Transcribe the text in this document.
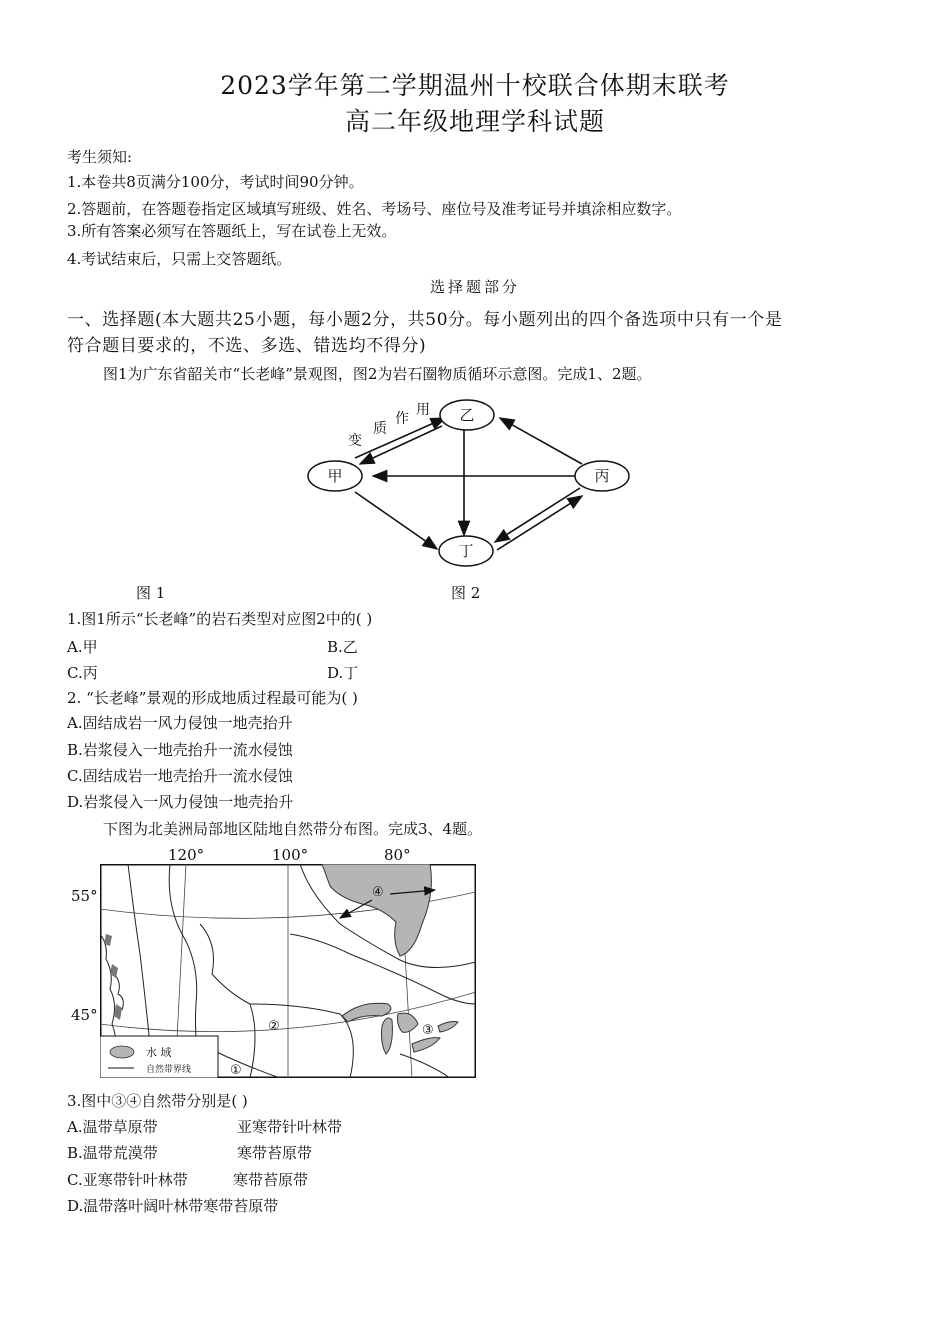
2023学年第二学期温州十校联合体期末联考
高二年级地理学科试题
考生须知:
1.本卷共8页满分100分，考试时间90分钟。
2.答题前，在答题卷指定区域填写班级、姓名、考场号、座位号及准考证号并填涂相应数字。
3.所有答案必须写在答题纸上，写在试卷上无效。
4.考试结束后，只需上交答题纸。
选择题部分
一、选择题(本大题共25小题，每小题2分，共50分。每小题列出的四个备选项中只有一个是
符合题目要求的，不选、多选、错选均不得分)
图1为广东省韶关市“长老峰”景观图，图2为岩石圈物质循环示意图。完成1、2题。
甲
乙
丙
丁
变
质
作
用
图 1	图 2
1.图1所示“长老峰”的岩石类型对应图2中的( )
A.甲	B.乙
C.丙	D.丁
2. “长老峰”景观的形成地质过程最可能为( )
A.固结成岩一风力侵蚀一地壳抬升
B.岩浆侵入一地壳抬升一流水侵蚀
C.固结成岩一地壳抬升一流水侵蚀
D.岩浆侵入一风力侵蚀一地壳抬升
下图为北美洲局部地区陆地自然带分布图。完成3、4题。
120°	100°	80°
55°
45°
④
③
②
①
水 域
自然带界线
3.图中③④自然带分别是( )
A.温带草原带	亚寒带针叶林带
B.温带荒漠带	寒带苔原带
C.亚寒带针叶林带	寒带苔原带
D.温带落叶阔叶林带寒带苔原带
